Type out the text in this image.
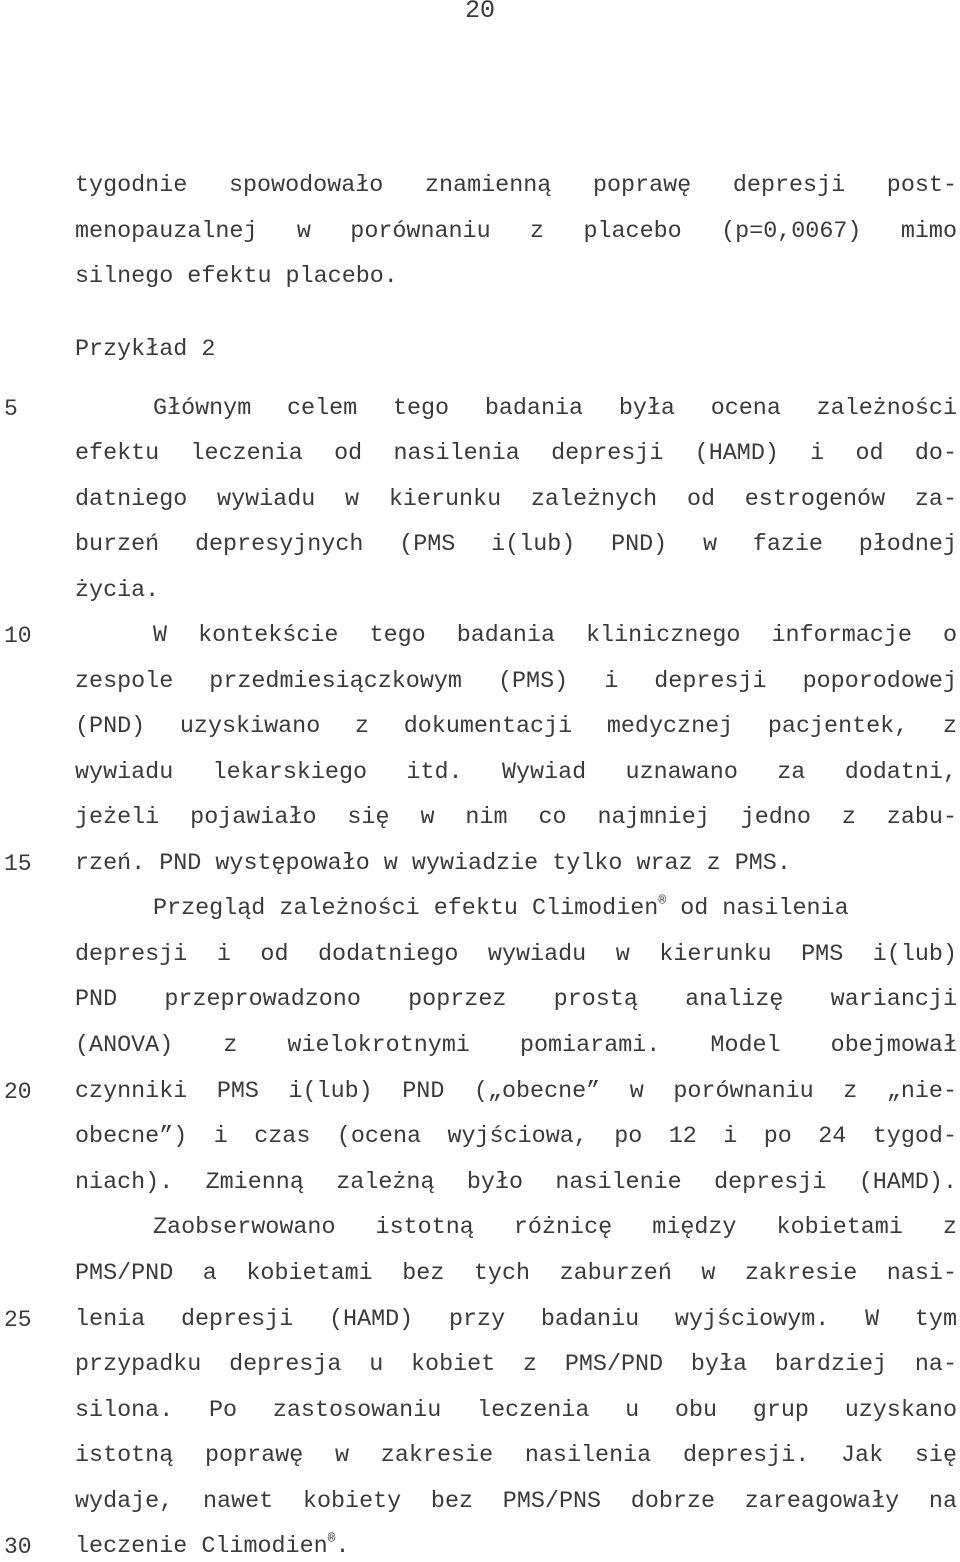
20
5
10
15
20
25
30
tygodnie spowodowało znamienną poprawę depresji post-
menopauzalnej w porównaniu z placebo (p=0,0067) mimo
silnego efektu placebo.
Przykład 2
Głównym celem tego badania była ocena zależności
efektu leczenia od nasilenia depresji (HAMD) i od do-
datniego wywiadu w kierunku zależnych od estrogenów za-
burzeń depresyjnych (PMS i(lub) PND) w fazie płodnej
życia.
W kontekście tego badania klinicznego informacje o
zespole przedmiesiączkowym (PMS) i depresji poporodowej
(PND) uzyskiwano z dokumentacji medycznej pacjentek, z
wywiadu lekarskiego itd. Wywiad uznawano za dodatni,
jeżeli pojawiało się w nim co najmniej jedno z zabu-
rzeń. PND występowało w wywiadzie tylko wraz z PMS.
Przegląd zależności efektu Climodien® od nasilenia
depresji i od dodatniego wywiadu w kierunku PMS i(lub)
PND przeprowadzono poprzez prostą analizę wariancji
(ANOVA) z wielokrotnymi pomiarami. Model obejmował
czynniki PMS i(lub) PND („obecne” w porównaniu z „nie-
obecne”) i czas (ocena wyjściowa, po 12 i po 24 tygod-
niach). Zmienną zależną było nasilenie depresji (HAMD).
Zaobserwowano istotną różnicę między kobietami z
PMS/PND a kobietami bez tych zaburzeń w zakresie nasi-
lenia depresji (HAMD) przy badaniu wyjściowym. W tym
przypadku depresja u kobiet z PMS/PND była bardziej na-
silona. Po zastosowaniu leczenia u obu grup uzyskano
istotną poprawę w zakresie nasilenia depresji. Jak się
wydaje, nawet kobiety bez PMS/PNS dobrze zareagowały na
leczenie Climodien®.
